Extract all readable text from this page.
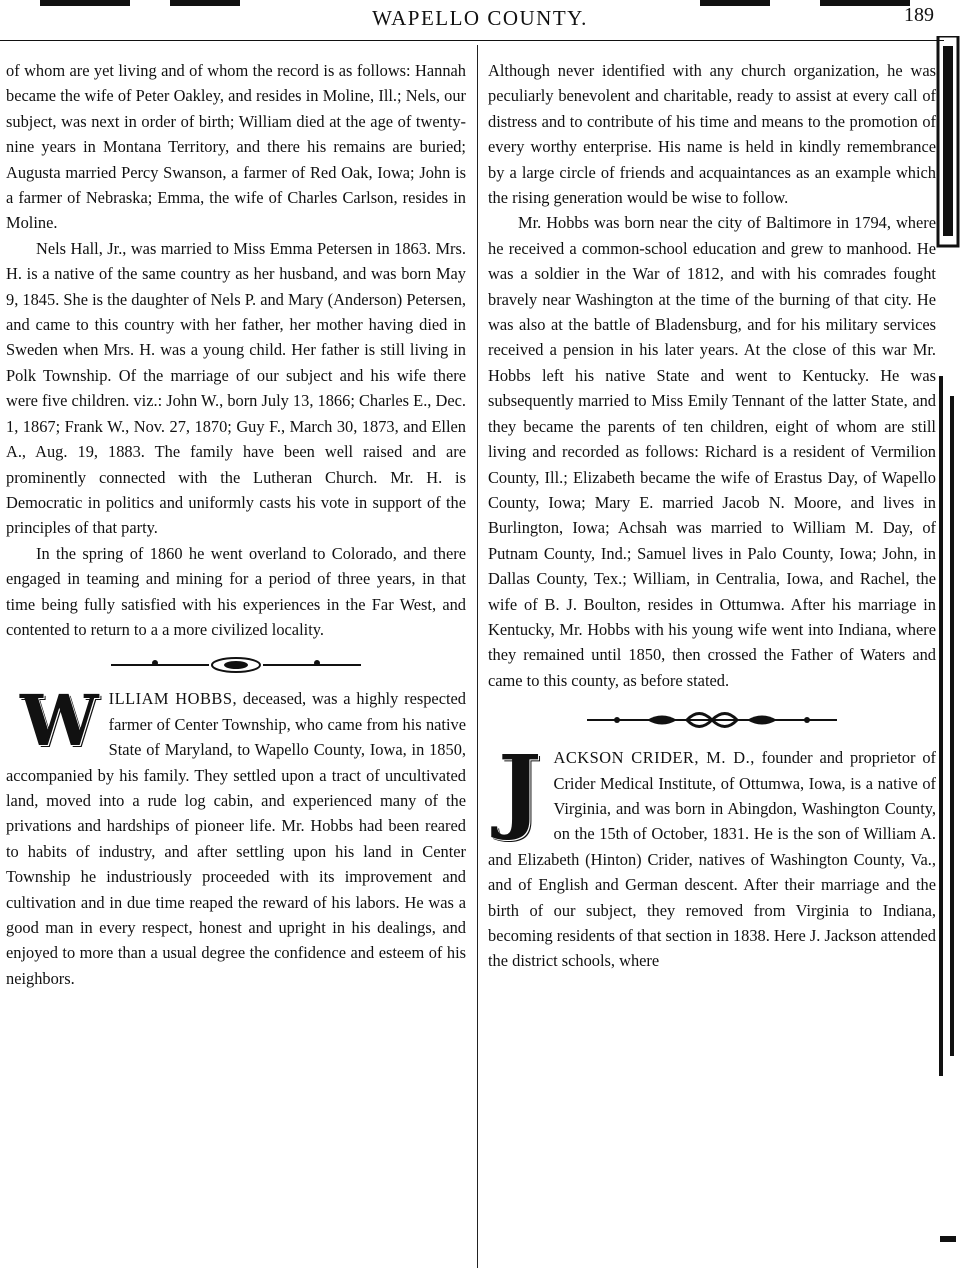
WAPELLO COUNTY.	189

of whom are yet living and of whom the record is as follows: Hannah became the wife of Peter Oakley, and resides in Moline, Ill.; Nels, our subject, was next in order of birth; William died at the age of twenty-nine years in Montana Territory, and there his remains are buried; Augusta married Percy Swanson, a farmer of Red Oak, Iowa; John is a farmer of Nebraska; Emma, the wife of Charles Carlson, resides in Moline.

Nels Hall, Jr., was married to Miss Emma Petersen in 1863. Mrs. H. is a native of the same country as her husband, and was born May 9, 1845. She is the daughter of Nels P. and Mary (Anderson) Petersen, and came to this country with her father, her mother having died in Sweden when Mrs. H. was a young child. Her father is still living in Polk Township. Of the marriage of our subject and his wife there were five children. viz.: John W., born July 13, 1866; Charles E., Dec. 1, 1867; Frank W., Nov. 27, 1870; Guy F., March 30, 1873, and Ellen A., Aug. 19, 1883. The family have been well raised and are prominently connected with the Lutheran Church. Mr. H. is Democratic in politics and uniformly casts his vote in support of the principles of that party.

In the spring of 1860 he went overland to Colorado, and there engaged in teaming and mining for a period of three years, in that time being fully satisfied with his experiences in the Far West, and contented to return to a a more civilized locality.

W ILLIAM HOBBS, deceased, was a highly respected farmer of Center Township, who came from his native State of Maryland, to Wapello County, Iowa, in 1850, accompanied by his family. They settled upon a tract of uncultivated land, moved into a rude log cabin, and experienced many of the privations and hardships of pioneer life. Mr. Hobbs had been reared to habits of industry, and after settling upon his land in Center Township he industriously proceeded with its improvement and cultivation and in due time reaped the reward of his labors. He was a good man in every respect, honest and upright in his dealings, and enjoyed to more than a usual degree the confidence and esteem of his neighbors.

Although never identified with any church organization, he was peculiarly benevolent and charitable, ready to assist at every call of distress and to contribute of his time and means to the promotion of every worthy enterprise. His name is held in kindly remembrance by a large circle of friends and acquaintances as an example which the rising generation would be wise to follow.

Mr. Hobbs was born near the city of Baltimore in 1794, where he received a common-school education and grew to manhood. He was a soldier in the War of 1812, and with his comrades fought bravely near Washington at the time of the burning of that city. He was also at the battle of Bladensburg, and for his military services received a pension in his later years. At the close of this war Mr. Hobbs left his native State and went to Kentucky. He was subsequently married to Miss Emily Tennant of the latter State, and they became the parents of ten children, eight of whom are still living and recorded as follows: Richard is a resident of Vermilion County, Ill.; Elizabeth became the wife of Erastus Day, of Wapello County, Iowa; Mary E. married Jacob N. Moore, and lives in Burlington, Iowa; Achsah was married to William M. Day, of Putnam County, Ind.; Samuel lives in Palo County, Iowa; John, in Dallas County, Tex.; William, in Centralia, Iowa, and Rachel, the wife of B. J. Boulton, resides in Ottumwa. After his marriage in Kentucky, Mr. Hobbs with his young wife went into Indiana, where they remained until 1850, then crossed the Father of Waters and came to this county, as before stated.

J ACKSON CRIDER, M. D., founder and proprietor of Crider Medical Institute, of Ottumwa, Iowa, is a native of Virginia, and was born in Abingdon, Washington County, on the 15th of October, 1831. He is the son of William A. and Elizabeth (Hinton) Crider, natives of Washington County, Va., and of English and German descent. After their marriage and the birth of our subject, they removed from Virginia to Indiana, becoming residents of that section in 1838. Here J. Jackson attended the district schools, where
